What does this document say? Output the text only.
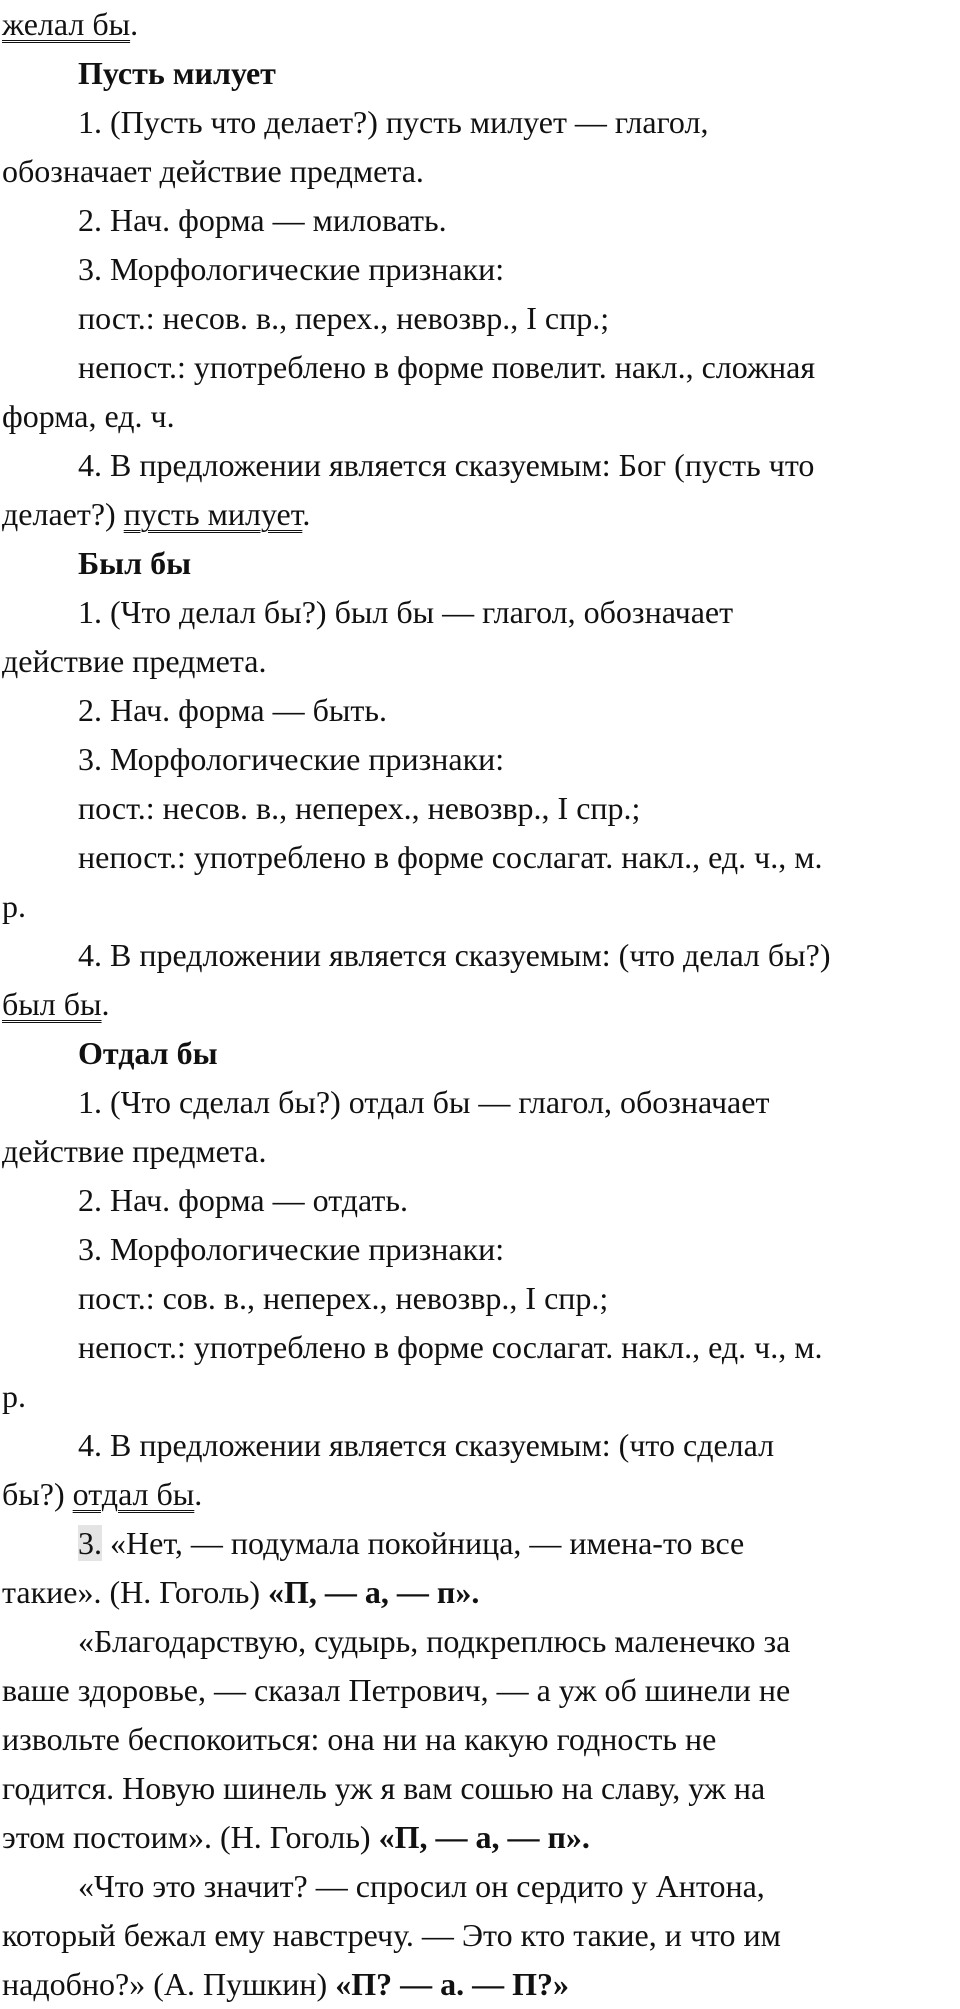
желал бы.
Пусть милует
1. (Пусть что делает?) пусть милует — глагол,
обозначает действие предмета.
2. Нач. форма — миловать.
3. Морфологические признаки:
пост.: несов. в., перех., невозвр., I спр.;
непост.: употреблено в форме повелит. накл., сложная
форма, ед. ч.
4. В предложении является сказуемым: Бог (пусть что
делает?) пусть милует.
Был бы
1. (Что делал бы?) был бы — глагол, обозначает
действие предмета.
2. Нач. форма — быть.
3. Морфологические признаки:
пост.: несов. в., неперех., невозвр., I спр.;
непост.: употреблено в форме сослагат. накл., ед. ч., м.
р.
4. В предложении является сказуемым: (что делал бы?)
был бы.
Отдал бы
1. (Что сделал бы?) отдал бы — глагол, обозначает
действие предмета.
2. Нач. форма — отдать.
3. Морфологические признаки:
пост.: сов. в., неперех., невозвр., I спр.;
непост.: употреблено в форме сослагат. накл., ед. ч., м.
р.
4. В предложении является сказуемым: (что сделал
бы?) отдал бы.
3. «Нет, — подумала покойница, — имена-то все
такие». (Н. Гоголь) «П, — а, — п».
«Благодарствую, судырь, подкреплюсь маленечко за
ваше здоровье, — сказал Петрович, — а уж об шинели не
извольте беспокоиться: она ни на какую годность не
годится. Новую шинель уж я вам сошью на славу, уж на
этом постоим». (Н. Гоголь) «П, — а, — п».
«Что это значит? — спросил он сердито у Антона,
который бежал ему навстречу. — Это кто такие, и что им
надобно?» (А. Пушкин) «П? — а. — П?»
